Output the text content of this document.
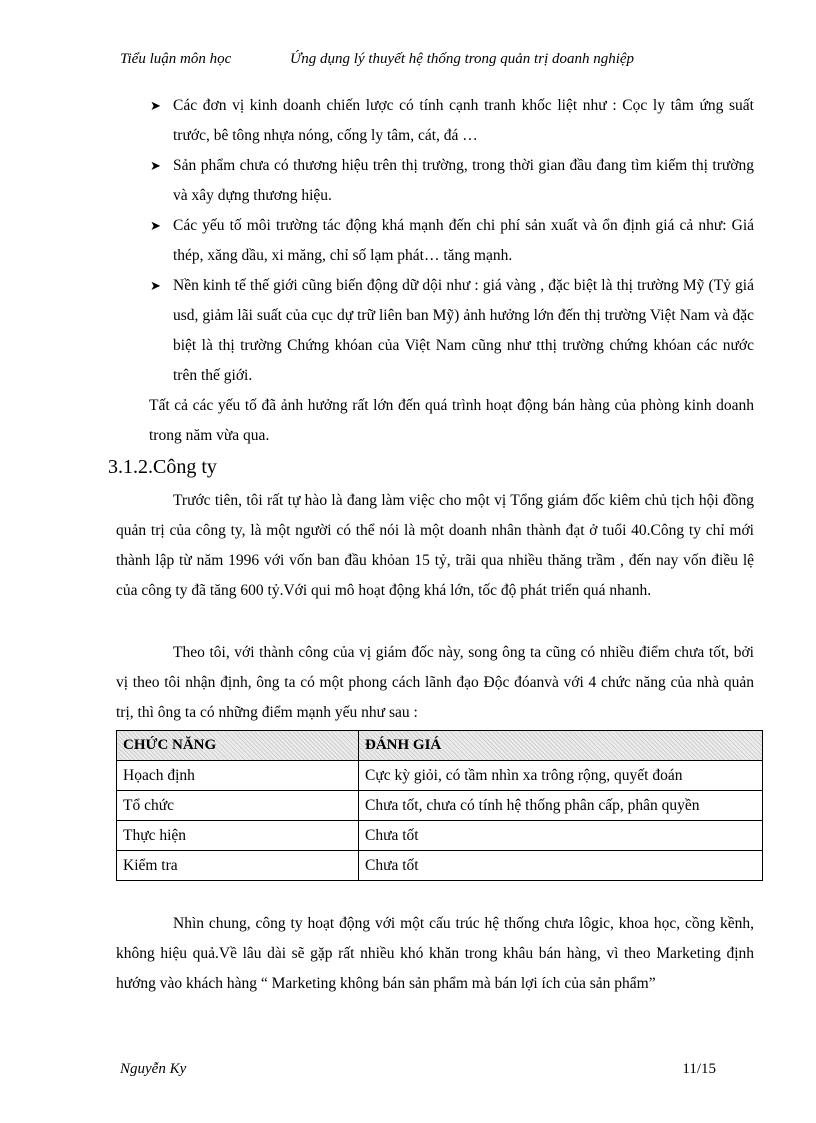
Tiểu luận môn học	Ứng dụng lý thuyết hệ thống trong quản trị doanh nghiệp
➤ Các đơn vị kinh doanh chiến lược có tính cạnh tranh khốc liệt như : Cọc ly tâm ứng suất trước, bê tông nhựa nóng, cống ly tâm, cát, đá …
➤ Sản phẩm chưa có thương hiệu trên thị trường, trong thời gian đầu đang tìm kiếm thị trường và xây dựng thương hiệu.
➤ Các yếu tố môi trường tác động khá mạnh đến chi phí sản xuất và ổn định giá cả như: Giá thép, xăng dầu, xi măng, chỉ số lạm phát… tăng mạnh.
➤ Nền kinh tế thế giới cũng biến động dữ dội như : giá vàng , đặc biệt là thị trường Mỹ (Tỷ giá usd, giảm lãi suất của cục dự trữ liên ban Mỹ) ảnh hưởng lớn đến thị trường Việt Nam và đặc biệt là thị trường Chứng khóan của Việt Nam cũng như tthị trường chứng khóan các nước trên thế giới.

Tất cả các yếu tố đã ảnh hưởng rất lớn đến quá trình hoạt động bán hàng của phòng kinh doanh trong năm vừa qua.

3.1.2.Công ty

Trước tiên, tôi rất tự hào là đang làm việc cho một vị Tổng giám đốc kiêm chủ tịch hội đồng quản trị của công ty, là một người có thể nói là một doanh nhân thành đạt ở tuổi 40.Công ty chỉ mới thành lập từ năm 1996 với vốn ban đầu khỏan 15 tỷ, trãi qua nhiều thăng trầm , đến nay vốn điều lệ của công ty đã tăng 600 tỷ.Với qui mô hoạt động khá lớn, tốc độ phát triển quá nhanh.

Theo tôi, với thành công của vị giám đốc này, song ông ta cũng có nhiều điểm chưa tốt, bởi vị theo tôi nhận định, ông ta có một phong cách lãnh đạo Độc đóanvà với 4 chức năng của nhà quản trị, thì ông ta có những điểm mạnh yếu như sau :

CHỨC NĂNG	ĐÁNH GIÁ
Họach định	Cực kỳ giỏi, có tầm nhìn xa trông rộng, quyết đoán
Tổ chức	Chưa tốt, chưa có tính hệ thống phân cấp, phân quyền
Thực hiện	Chưa tốt
Kiểm tra	Chưa tốt

Nhìn chung, công ty hoạt động với một cấu trúc hệ thống chưa lôgic, khoa học, cồng kềnh, không hiệu quả.Về lâu dài sẽ gặp rất nhiều khó khăn trong khâu bán hàng, vì theo Marketing định hướng vào khách hàng “ Marketing không bán sản phẩm mà bán lợi ích của sản phẩm”

Nguyễn Ky	11/15
